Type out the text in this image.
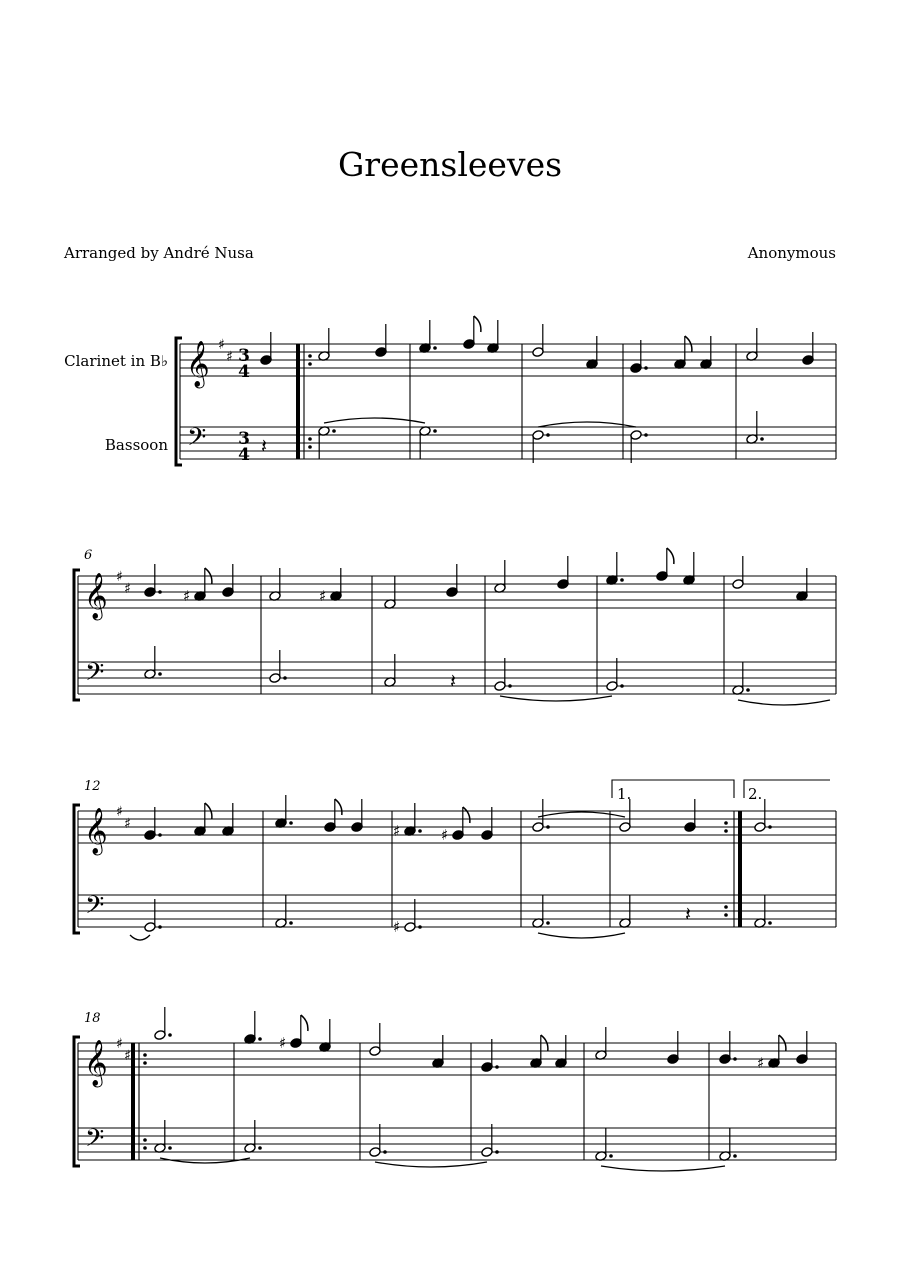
Greensleeves
Arranged by André Nusa	Anonymous
Clarinet in B♭
Bassoon
6
12
18
1.	2.
3
4
3
4
𝄞
𝄢
♯
♯
𝄽
𝄞
𝄢
♯
♯	♯	♯
𝄽
𝄞
𝄢
♯
♯	♯	♯
♯
𝄽
𝄞
𝄢
♯
♯
♯
♯
